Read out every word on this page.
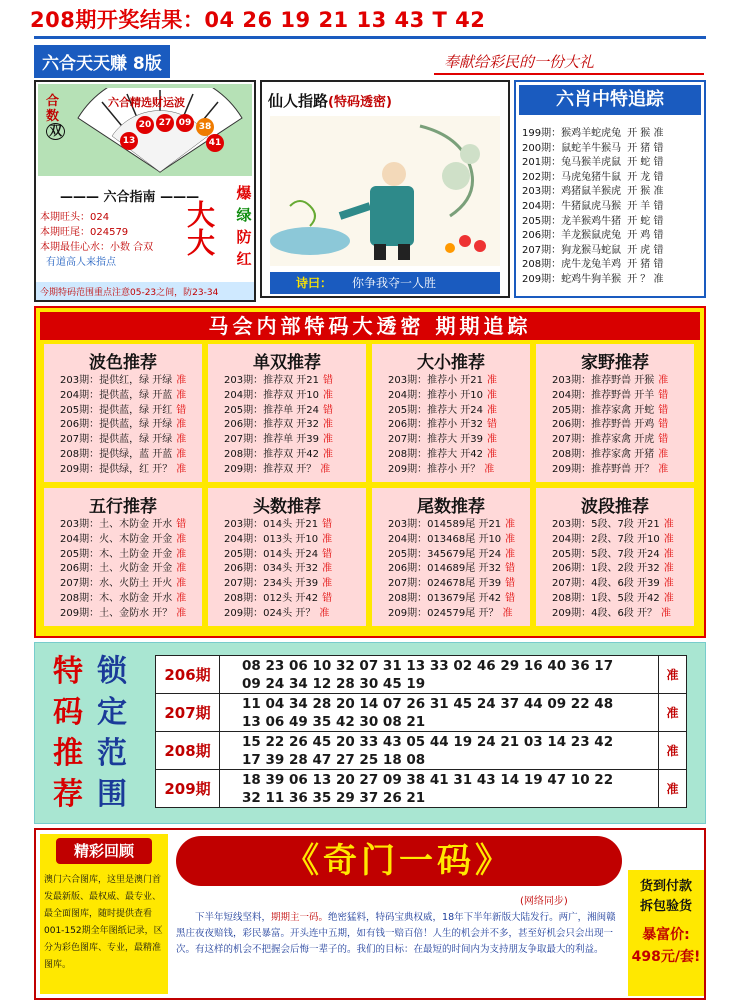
208期开奖结果：04 26 19 21 13 43 T 42
六合天天赚 8版	奉献给彩民的一份大礼
合数
双
六合精选财运波
20 27 09 38
13	41
——— 六合指南 ———
本期旺头：024
本期旺尾：024579
本期最佳心水：小数 合双
有道高人来指点
大大
爆
绿
防
红
今期特码范围重点注意05-23之间，防23-34
仙人指路(特码透密)
诗曰： 你争我夺一人胜
六肖中特追踪
199期：猴鸡羊蛇虎兔 开 猴 准
200期：鼠蛇羊牛猴马 开 猪 错
201期：兔马猴羊虎鼠 开 蛇 错
202期：马虎兔猪牛鼠 开 龙 错
203期：鸡猪鼠羊猴虎 开 猴 准
204期：牛猪鼠虎马猴 开 羊 错
205期：龙羊猴鸡牛猪 开 蛇 错
206期：羊龙猴鼠虎兔 开 鸡 错
207期：狗龙猴马蛇鼠 开 虎 错
208期：虎牛龙兔羊鸡 开 猪 错
209期：蛇鸡牛狗羊猴 开 ？ 准
马会内部特码大透密 期期追踪
波色推荐
203期：提供红，绿 开绿 准
204期：提供蓝，绿 开蓝 准
205期：提供蓝，绿 开红 错
206期：提供蓝，绿 开绿 准
207期：提供蓝，绿 开绿 准
208期：提供绿，蓝 开蓝 准
209期：提供绿，红 开？ 准
单双推荐
203期：推荐双 开21 错
204期：推荐双 开10 准
205期：推荐单 开24 错
206期：推荐双 开32 准
207期：推荐单 开39 准
208期：推荐双 开42 准
209期：推荐双 开？ 准
大小推荐
203期：推荐小 开21 准
204期：推荐小 开10 准
205期：推荐大 开24 准
206期：推荐小 开32 错
207期：推荐大 开39 准
208期：推荐大 开42 准
209期：推荐小 开？ 准
家野推荐
203期：推荐野兽 开猴 准
204期：推荐野兽 开羊 错
205期：推荐家禽 开蛇 错
206期：推荐野兽 开鸡 错
207期：推荐家禽 开虎 错
208期：推荐家禽 开猪 准
209期：推荐野兽 开？ 准
五行推荐
203期：土、木防金 开水 错
204期：火、木防金 开金 准
205期：木、土防金 开金 准
206期：土、火防金 开金 准
207期：水、火防土 开火 准
208期：木、水防金 开水 准
209期：土、金防水 开？ 准
头数推荐
203期：014头 开21 错
204期：013头 开10 准
205期：014头 开24 错
206期：034头 开32 准
207期：234头 开39 准
208期：012头 开42 错
209期：024头 开？ 准
尾数推荐
203期：014589尾 开21 准
204期：013468尾 开10 准
205期：345679尾 开24 准
206期：014689尾 开32 错
207期：024678尾 开39 错
208期：013679尾 开42 错
209期：024579尾 开？ 准
波段推荐
203期：5段、7段 开21 准
204期：2段、7段 开10 准
205期：5段、7段 开24 准
206期：1段、2段 开32 准
207期：4段、6段 开39 准
208期：1段、5段 开42 准
209期：4段、6段 开？ 准
特
码
推
荐
锁
定
范
围
206期	08 23 06 10 32 07 31 13 33 02 46 29 16 40 36 17
09 24 34 12 28 30 45 19	准
207期	11 04 34 28 20 14 07 26 31 45 24 37 44 09 22 48
13 06 49 35 42 30 08 21	准
208期	15 22 26 45 20 33 43 05 44 19 24 21 03 14 23 42
17 39 28 47 27 25 18 08	准
209期	18 39 06 13 20 27 09 38 41 31 43 14 19 47 10 22
32 11 36 35 29 37 26 21	准
精彩回顾
澳门六合图库，这里是澳门首发最新版、最权威、最专业、最全面图库，随时提供查看001-152期全年图纸记录，区分为彩色图库、专业，最精准图库。
《奇门一码》
(网络同步)
下半年短线坚料，期期主一码。绝密猛料，特码宝典权威，18年下半年新版大陆发行。两广，湘闽赣黑庄夜夜赔钱，彩民暴富。开头连中五期，如有钱一赔百倍！人生的机会并不多，甚至好机会只会出现一次。有这样的机会不把握会后悔一辈子的。我们的目标：在最短的时间内为支持朋友争取最大的利益。
货到付款
拆包验货
暴富价:
498元/套!
